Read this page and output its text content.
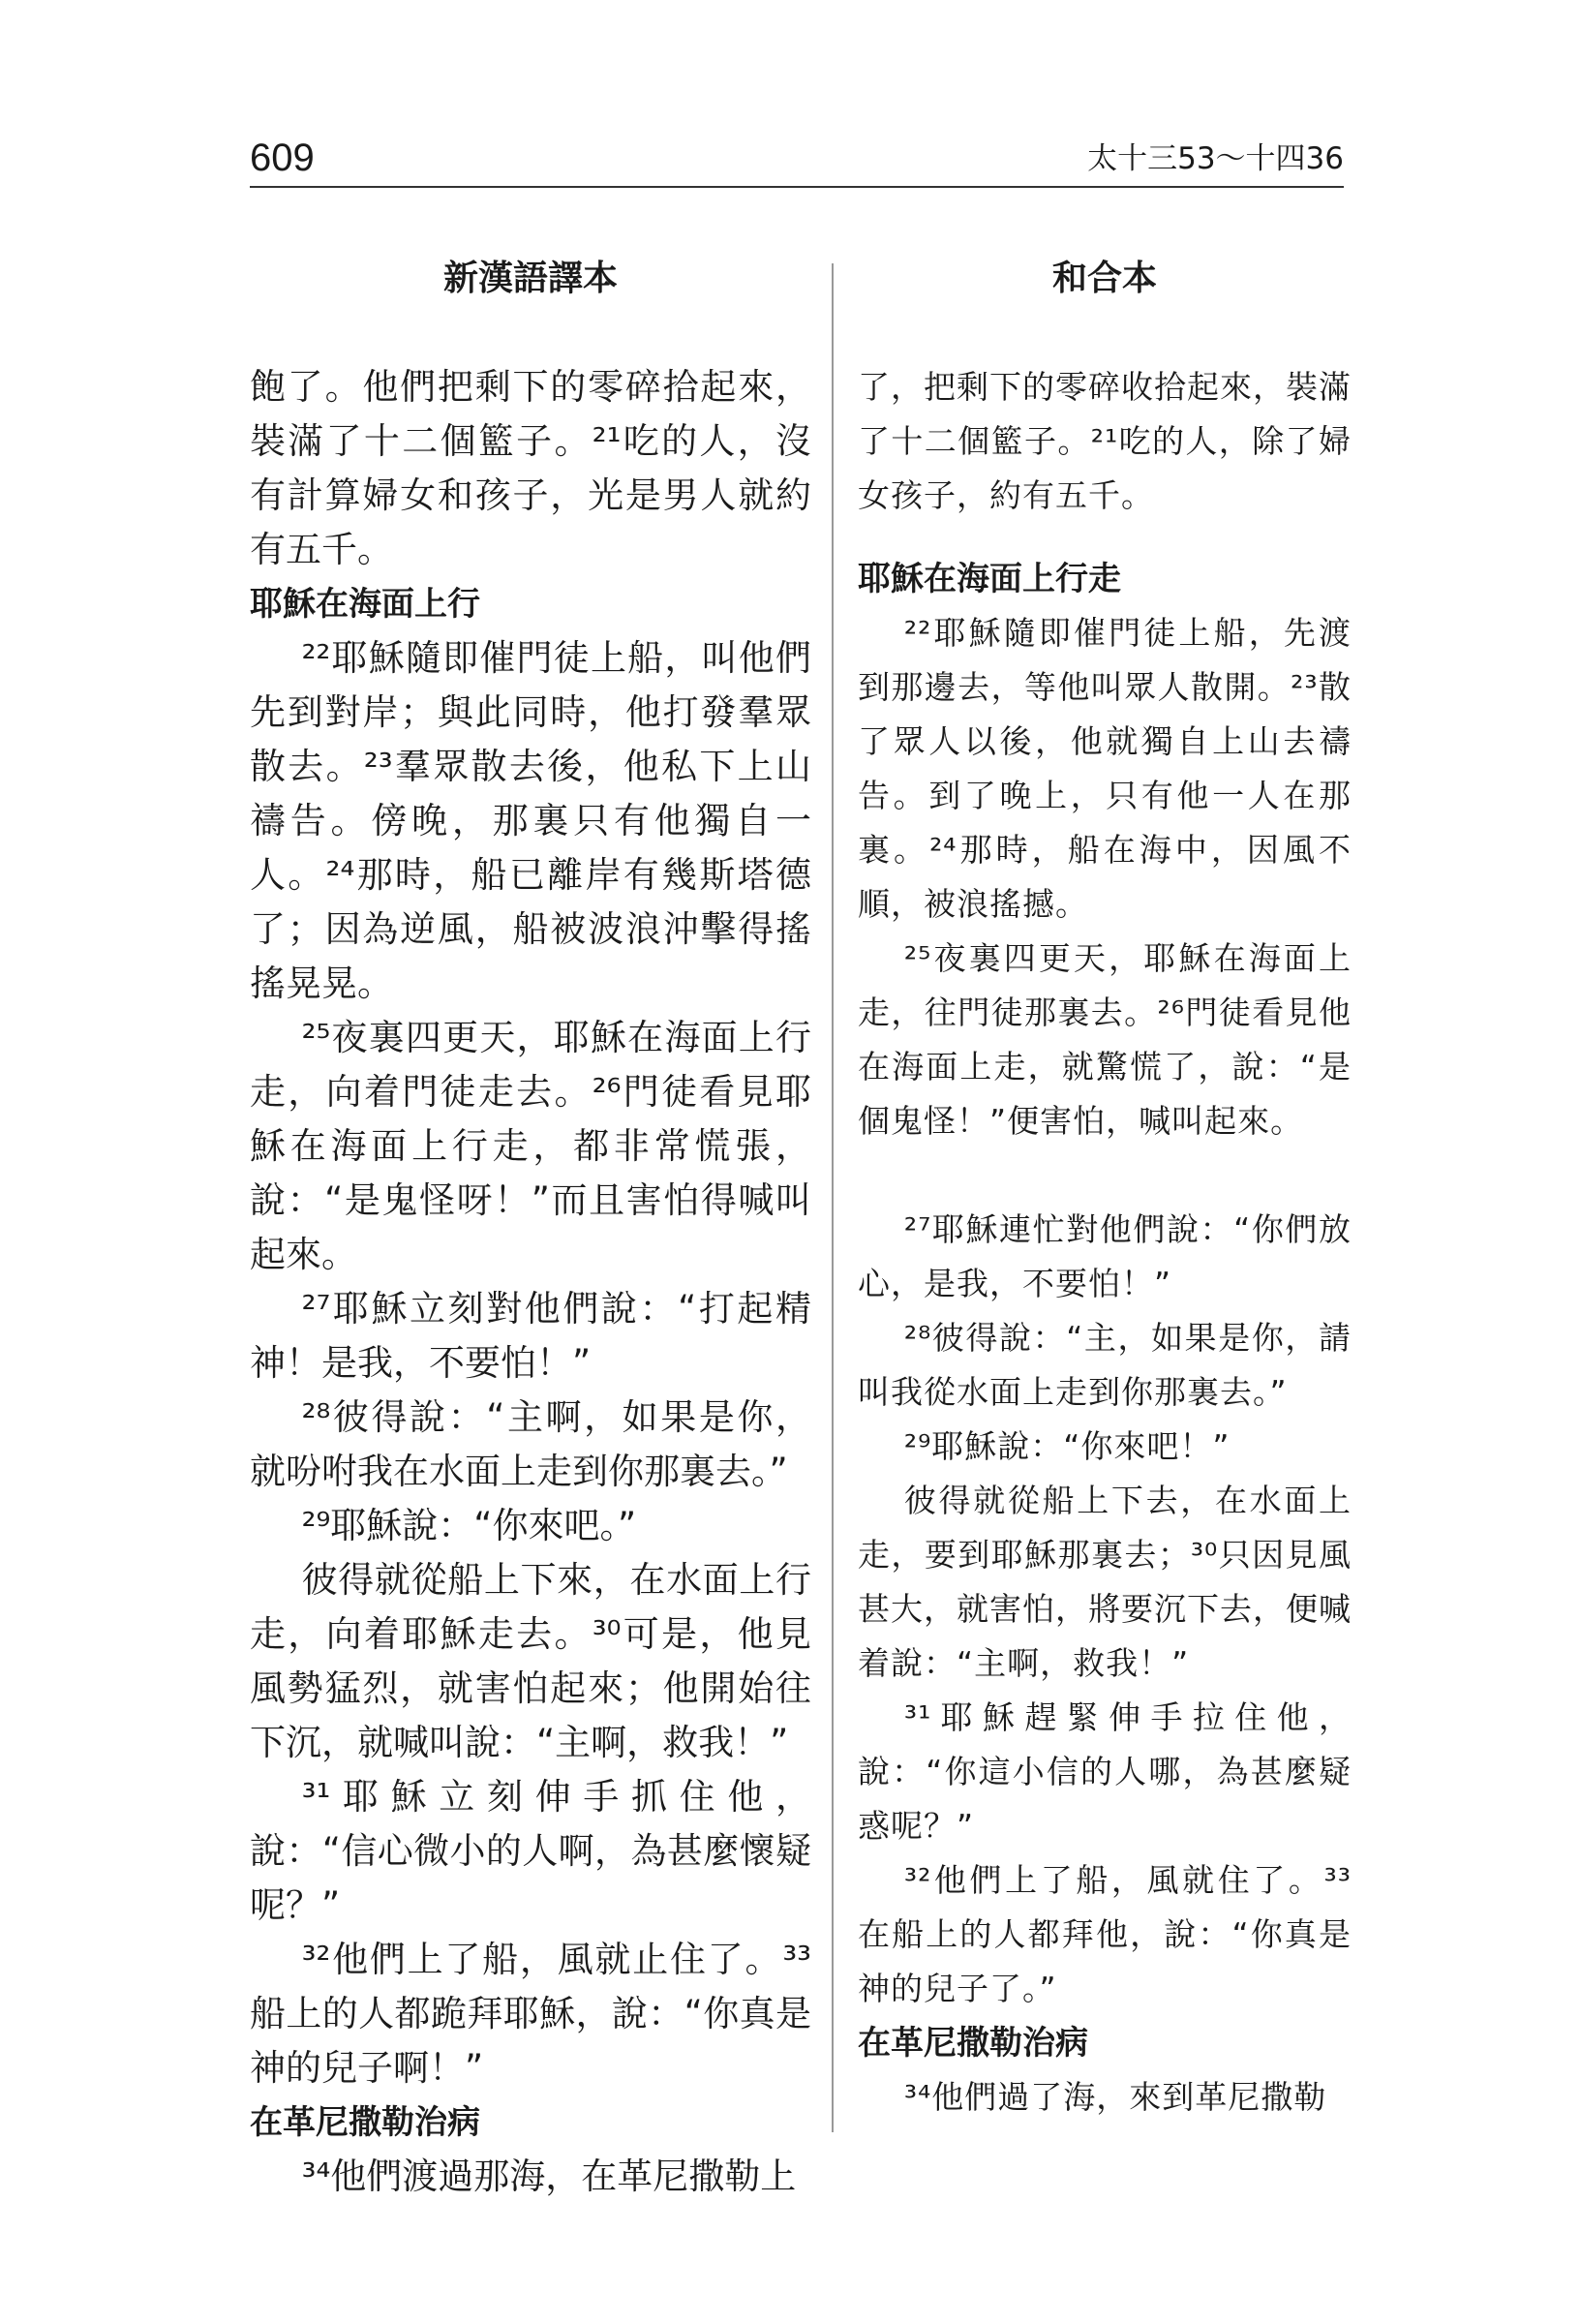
609	太十三53～十四36
新漢語譯本

飽了。他們把剩下的零碎拾起來，裝滿了十二個籃子。²¹吃的人，沒有計算婦女和孩子，光是男人就約有五千。

耶穌在海面上行

²²耶穌隨即催門徒上船，叫他們先到對岸；與此同時，他打發羣眾散去。²³羣眾散去後，他私下上山禱告。傍晚，那裏只有他獨自一人。²⁴那時，船已離岸有幾斯塔德了；因為逆風，船被波浪沖擊得搖搖晃晃。

²⁵夜裏四更天，耶穌在海面上行走，向着門徒走去。²⁶門徒看見耶穌在海面上行走，都非常慌張，說：“是鬼怪呀！”而且害怕得喊叫起來。

²⁷耶穌立刻對他們說：“打起精神！是我，不要怕！”

²⁸彼得說：“主啊，如果是你，就吩咐我在水面上走到你那裏去。”

²⁹耶穌說：“你來吧。”

彼得就從船上下來，在水面上行走，向着耶穌走去。³⁰可是，他見風勢猛烈，就害怕起來；他開始往下沉，就喊叫說：“主啊，救我！”

³¹耶穌立刻伸手抓住他，說：“信心微小的人啊，為甚麼懷疑呢？”

³²他們上了船，風就止住了。³³船上的人都跪拜耶穌，說：“你真是神的兒子啊！”

在革尼撒勒治病

³⁴他們渡過那海，在革尼撒勒上

和合本

了，把剩下的零碎收拾起來，裝滿了十二個籃子。²¹吃的人，除了婦女孩子，約有五千。

耶穌在海面上行走

²²耶穌隨即催門徒上船，先渡到那邊去，等他叫眾人散開。²³散了眾人以後，他就獨自上山去禱告。到了晚上，只有他一人在那裏。²⁴那時，船在海中，因風不順，被浪搖撼。

²⁵夜裏四更天，耶穌在海面上走，往門徒那裏去。²⁶門徒看見他在海面上走，就驚慌了，說：“是個鬼怪！”便害怕，喊叫起來。

²⁷耶穌連忙對他們說：“你們放心，是我，不要怕！”

²⁸彼得說：“主，如果是你，請叫我從水面上走到你那裏去。”

²⁹耶穌說：“你來吧！”

彼得就從船上下去，在水面上走，要到耶穌那裏去；³⁰只因見風甚大，就害怕，將要沉下去，便喊着說：“主啊，救我！”

³¹耶穌趕緊伸手拉住他，說：“你這小信的人哪，為甚麼疑惑呢？”

³²他們上了船，風就住了。³³在船上的人都拜他，說：“你真是神的兒子了。”

在革尼撒勒治病

³⁴他們過了海，來到革尼撒勒
